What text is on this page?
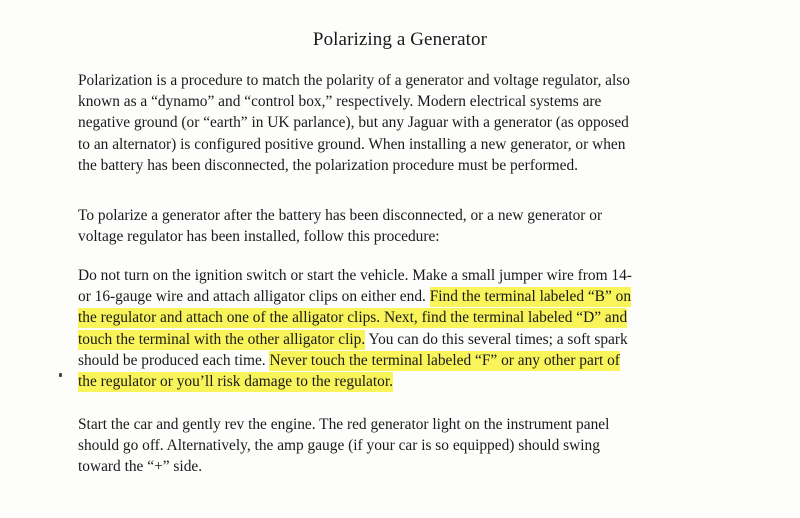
Polarizing a Generator
Polarization is a procedure to match the polarity of a generator and voltage regulator, also
known as a “dynamo” and “control box,” respectively. Modern electrical systems are
negative ground (or “earth” in UK parlance), but any Jaguar with a generator (as opposed
to an alternator) is configured positive ground. When installing a new generator, or when
the battery has been disconnected, the polarization procedure must be performed.
To polarize a generator after the battery has been disconnected, or a new generator or
voltage regulator has been installed, follow this procedure:
Do not turn on the ignition switch or start the vehicle. Make a small jumper wire from 14-
or 16-gauge wire and attach alligator clips on either end. Find the terminal labeled “B” on
the regulator and attach one of the alligator clips. Next, find the terminal labeled “D” and
touch the terminal with the other alligator clip. You can do this several times; a soft spark
should be produced each time. Never touch the terminal labeled “F” or any other part of
the regulator or you’ll risk damage to the regulator.
Start the car and gently rev the engine. The red generator light on the instrument panel
should go off. Alternatively, the amp gauge (if your car is so equipped) should swing
toward the “+” side.
